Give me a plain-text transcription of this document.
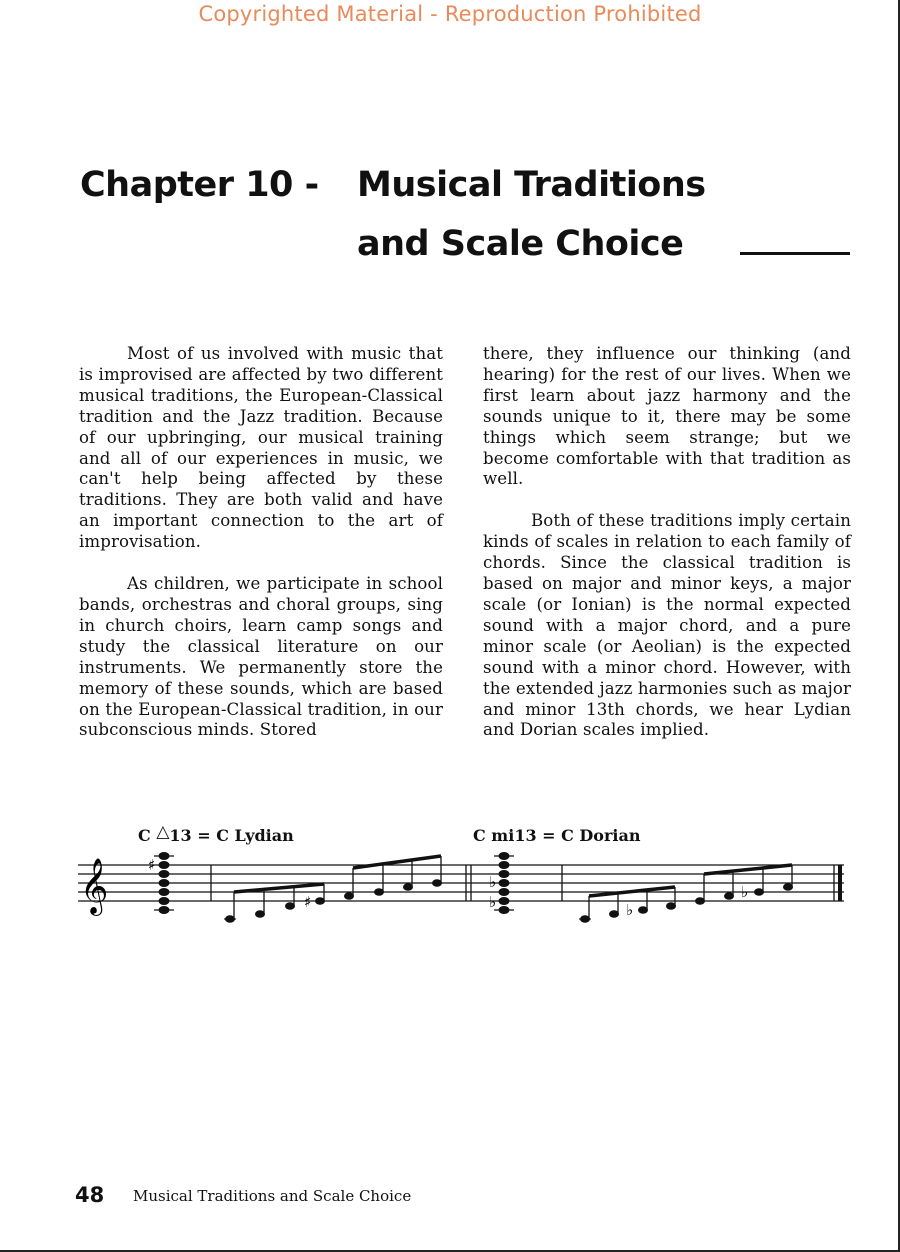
Copyrighted Material - Reproduction Prohibited
Chapter 10 - Musical Traditions
and Scale Choice

Most of us involved with music that is improvised are affected by two different musical traditions, the European-Classical tradition and the Jazz tradition. Because of our upbringing, our musical training and all of our experiences in music, we can't help being affected by these traditions. They are both valid and have an important connection to the art of improvisation.

As children, we participate in school bands, orchestras and choral groups, sing in church choirs, learn camp songs and study the classical literature on our instruments. We permanently store the memory of these sounds, which are based on the European-Classical tradition, in our subconscious minds. Stored

there, they influence our thinking (and hearing) for the rest of our lives. When we first learn about jazz harmony and the sounds unique to it, there may be some things which seem strange; but we become comfortable with that tradition as well.

Both of these traditions imply certain kinds of scales in relation to each family of chords. Since the classical tradition is based on major and minor keys, a major scale (or Ionian) is the normal expected sound with a major chord, and a pure minor scale (or Aeolian) is the expected sound with a minor chord. However, with the extended jazz harmonies such as major and minor 13th chords, we hear Lydian and Dorian scales implied.

C △13 = C Lydian	C mi13 = C Dorian
𝄞	♯
♯	♭
♭
♭
♭
48 Musical Traditions and Scale Choice
